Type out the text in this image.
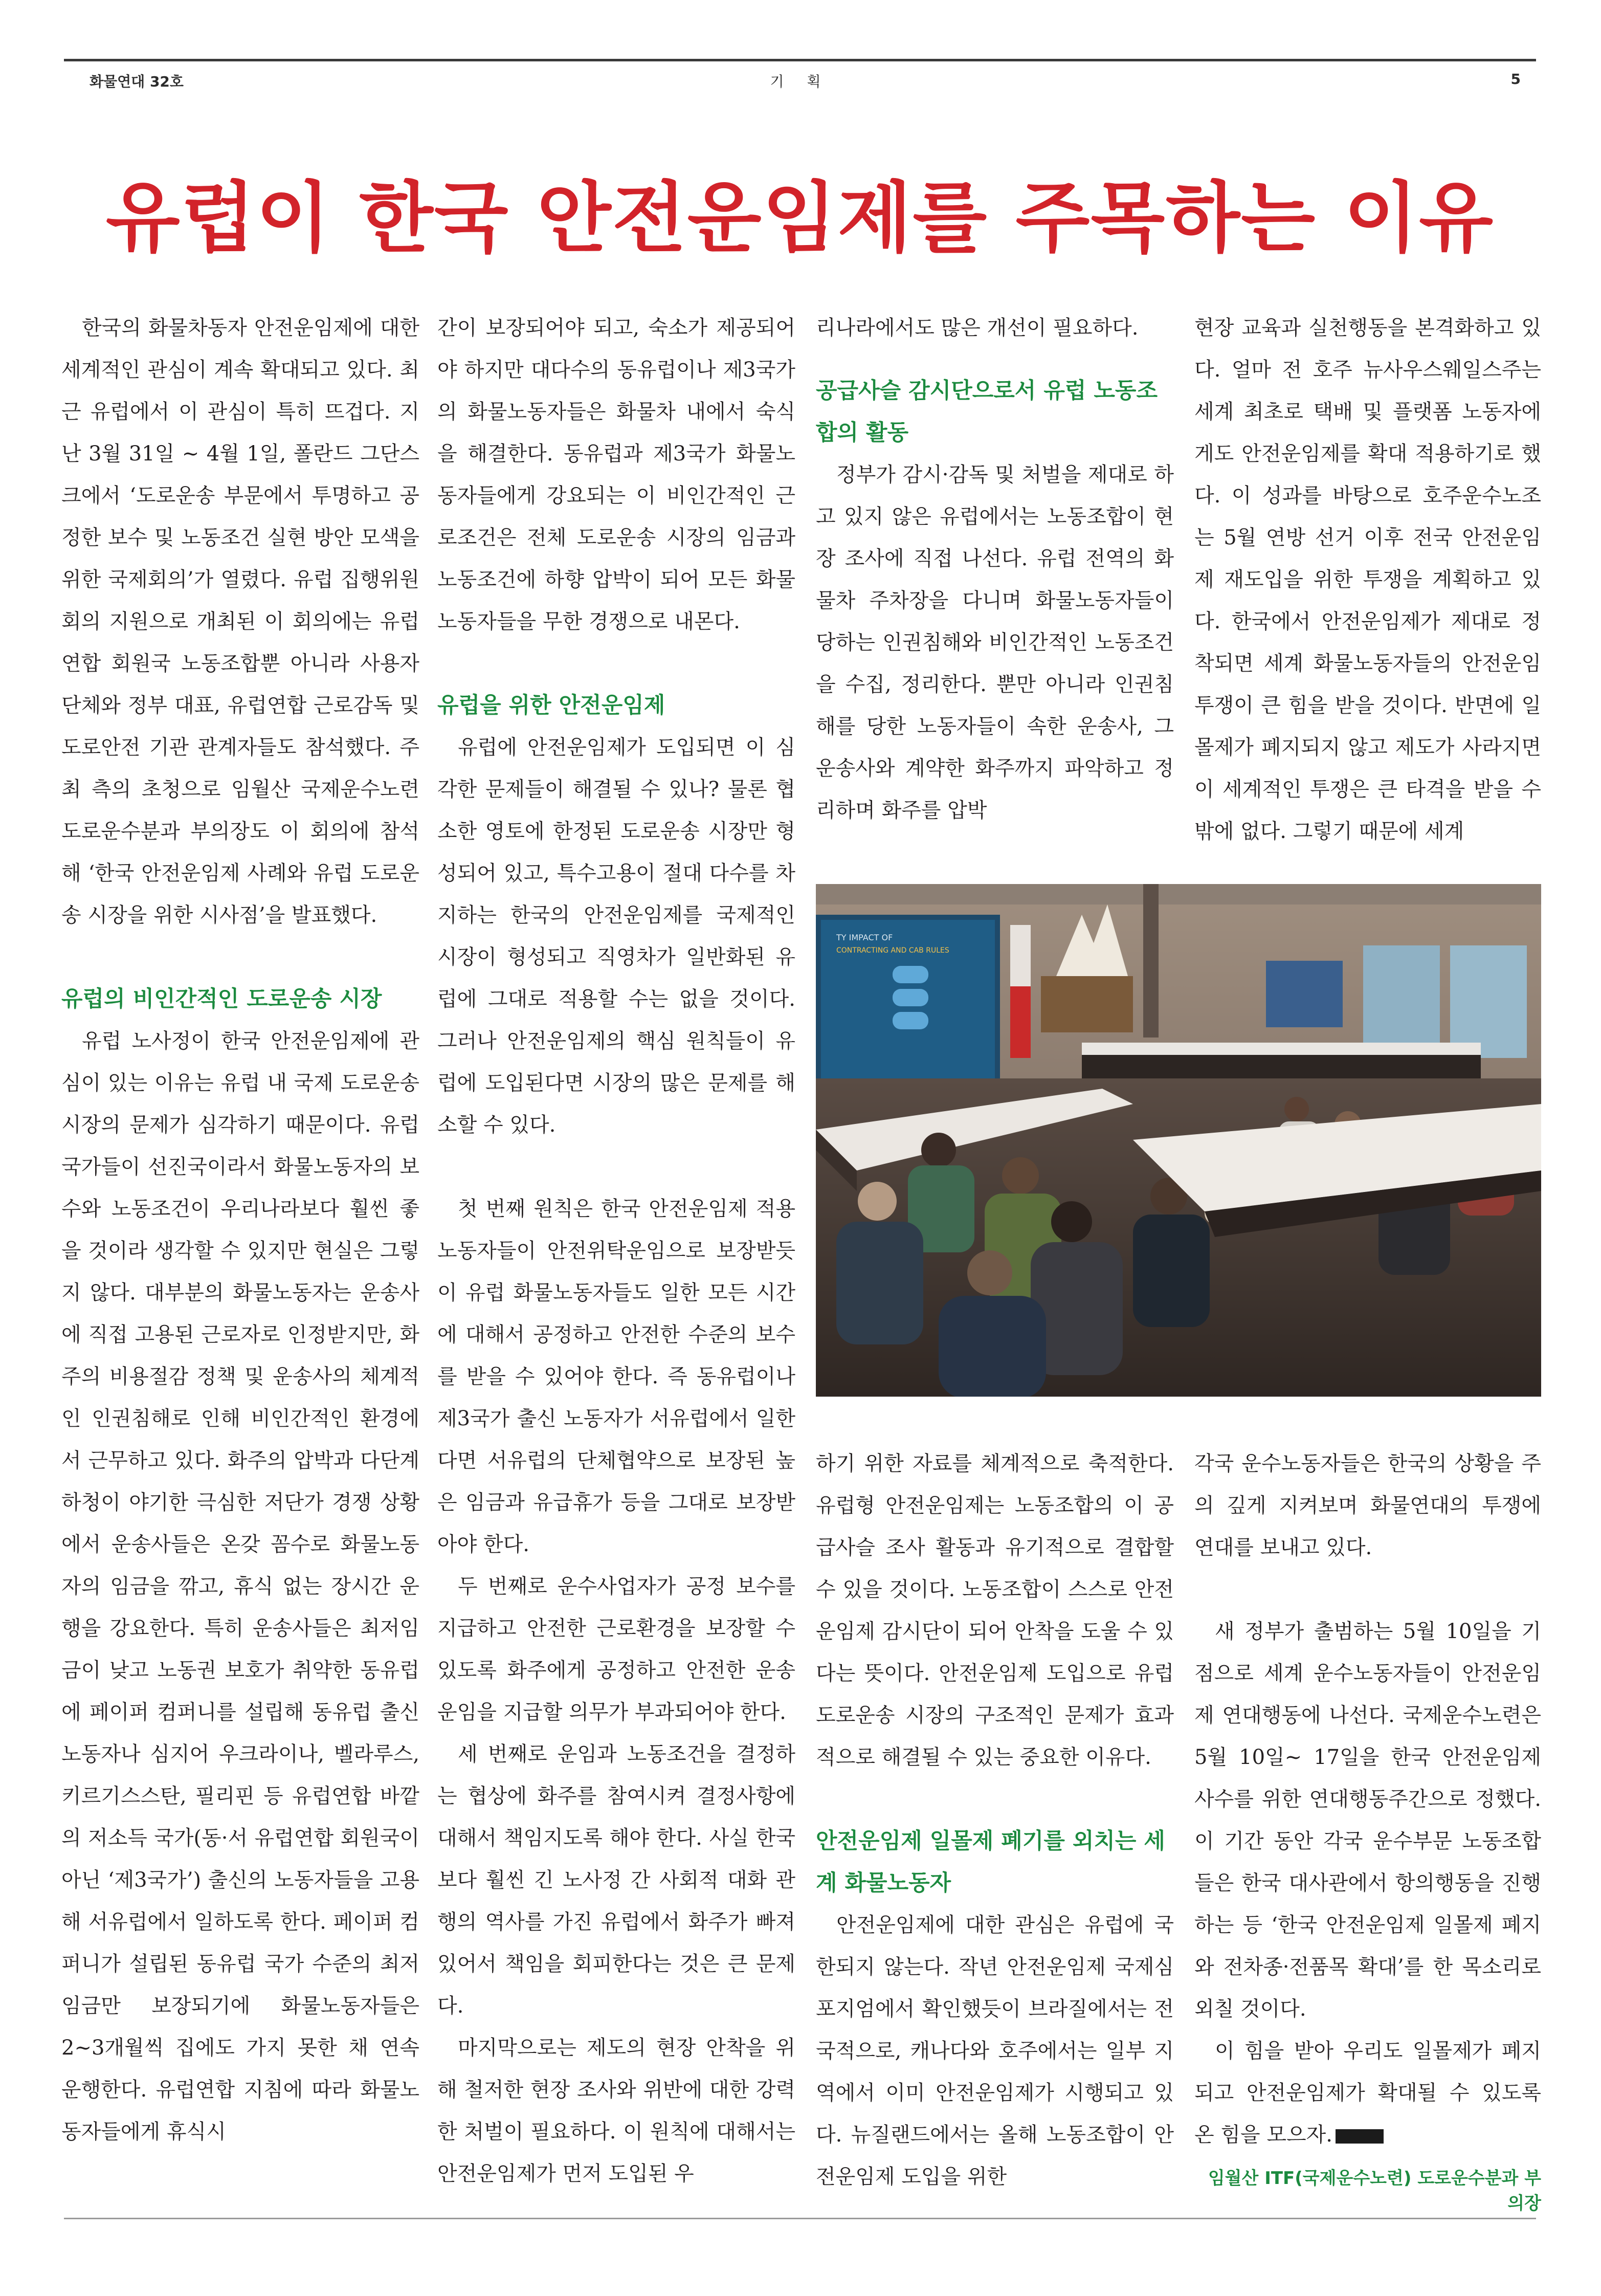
화물연대 32호	기 획	5
유럽이 한국 안전운임제를 주목하는 이유

한국의 화물차동자 안전운임제에 대한 세계적인 관심이 계속 확대되고 있다. 최근 유럽에서 이 관심이 특히 뜨겁다. 지난 3월 31일 ~ 4월 1일, 폴란드 그단스크에서 ‘도로운송 부문에서 투명하고 공정한 보수 및 노동조건 실현 방안 모색을 위한 국제회의’가 열렸다. 유럽 집행위원회의 지원으로 개최된 이 회의에는 유럽연합 회원국 노동조합뿐 아니라 사용자단체와 정부 대표, 유럽연합 근로감독 및 도로안전 기관 관계자들도 참석했다. 주최 측의 초청으로 임월산 국제운수노련 도로운수분과 부의장도 이 회의에 참석해 ‘한국 안전운임제 사례와 유럽 도로운송 시장을 위한 시사점’을 발표했다.

유럽의 비인간적인 도로운송 시장

유럽 노사정이 한국 안전운임제에 관심이 있는 이유는 유럽 내 국제 도로운송시장의 문제가 심각하기 때문이다. 유럽 국가들이 선진국이라서 화물노동자의 보수와 노동조건이 우리나라보다 훨씬 좋을 것이라 생각할 수 있지만 현실은 그렇지 않다. 대부분의 화물노동자는 운송사에 직접 고용된 근로자로 인정받지만, 화주의 비용절감 정책 및 운송사의 체계적인 인권침해로 인해 비인간적인 환경에서 근무하고 있다. 화주의 압박과 다단계 하청이 야기한 극심한 저단가 경쟁 상황에서 운송사들은 온갖 꼼수로 화물노동자의 임금을 깎고, 휴식 없는 장시간 운행을 강요한다. 특히 운송사들은 최저임금이 낮고 노동권 보호가 취약한 동유럽에 페이퍼 컴퍼니를 설립해 동유럽 출신 노동자나 심지어 우크라이나, 벨라루스, 키르기스스탄, 필리핀 등 유럽연합 바깥의 저소득 국가(동·서 유럽연합 회원국이 아닌 ‘제3국가’) 출신의 노동자들을 고용해 서유럽에서 일하도록 한다. 페이퍼 컴퍼니가 설립된 동유럽 국가 수준의 최저임금만 보장되기에 화물노동자들은 2~3개월씩 집에도 가지 못한 채 연속 운행한다. 유럽연합 지침에 따라 화물노동자들에게 휴식시

간이 보장되어야 되고, 숙소가 제공되어야 하지만 대다수의 동유럽이나 제3국가의 화물노동자들은 화물차 내에서 숙식을 해결한다. 동유럽과 제3국가 화물노동자들에게 강요되는 이 비인간적인 근로조건은 전체 도로운송 시장의 임금과 노동조건에 하향 압박이 되어 모든 화물노동자들을 무한 경쟁으로 내몬다.

유럽을 위한 안전운임제

유럽에 안전운임제가 도입되면 이 심각한 문제들이 해결될 수 있나? 물론 협소한 영토에 한정된 도로운송 시장만 형성되어 있고, 특수고용이 절대 다수를 차지하는 한국의 안전운임제를 국제적인 시장이 형성되고 직영차가 일반화된 유럽에 그대로 적용할 수는 없을 것이다. 그러나 안전운임제의 핵심 원칙들이 유럽에 도입된다면 시장의 많은 문제를 해소할 수 있다.

첫 번째 원칙은 한국 안전운임제 적용 노동자들이 안전위탁운임으로 보장받듯이 유럽 화물노동자들도 일한 모든 시간에 대해서 공정하고 안전한 수준의 보수를 받을 수 있어야 한다. 즉 동유럽이나 제3국가 출신 노동자가 서유럽에서 일한다면 서유럽의 단체협약으로 보장된 높은 임금과 유급휴가 등을 그대로 보장받아야 한다.

두 번째로 운수사업자가 공정 보수를 지급하고 안전한 근로환경을 보장할 수 있도록 화주에게 공정하고 안전한 운송운임을 지급할 의무가 부과되어야 한다.

세 번째로 운임과 노동조건을 결정하는 협상에 화주를 참여시켜 결정사항에 대해서 책임지도록 해야 한다. 사실 한국보다 훨씬 긴 노사정 간 사회적 대화 관행의 역사를 가진 유럽에서 화주가 빠져 있어서 책임을 회피한다는 것은 큰 문제다.

마지막으로는 제도의 현장 안착을 위해 철저한 현장 조사와 위반에 대한 강력한 처벌이 필요하다. 이 원칙에 대해서는 안전운임제가 먼저 도입된 우

리나라에서도 많은 개선이 필요하다.

공급사슬 감시단으로서 유럽 노동조합의 활동

정부가 감시·감독 및 처벌을 제대로 하고 있지 않은 유럽에서는 노동조합이 현장 조사에 직접 나선다. 유럽 전역의 화물차 주차장을 다니며 화물노동자들이 당하는 인권침해와 비인간적인 노동조건을 수집, 정리한다. 뿐만 아니라 인권침해를 당한 노동자들이 속한 운송사, 그 운송사와 계약한 화주까지 파악하고 정리하며 화주를 압박

현장 교육과 실천행동을 본격화하고 있다. 얼마 전 호주 뉴사우스웨일스주는 세계 최초로 택배 및 플랫폼 노동자에게도 안전운임제를 확대 적용하기로 했다. 이 성과를 바탕으로 호주운수노조는 5월 연방 선거 이후 전국 안전운임제 재도입을 위한 투쟁을 계획하고 있다. 한국에서 안전운임제가 제대로 정착되면 세계 화물노동자들의 안전운임 투쟁이 큰 힘을 받을 것이다. 반면에 일몰제가 폐지되지 않고 제도가 사라지면 이 세계적인 투쟁은 큰 타격을 받을 수밖에 없다. 그렇기 때문에 세계

TY IMPACT OF
CONTRACTING AND CAB RULES

하기 위한 자료를 체계적으로 축적한다. 유럽형 안전운임제는 노동조합의 이 공급사슬 조사 활동과 유기적으로 결합할 수 있을 것이다. 노동조합이 스스로 안전운임제 감시단이 되어 안착을 도울 수 있다는 뜻이다. 안전운임제 도입으로 유럽 도로운송 시장의 구조적인 문제가 효과적으로 해결될 수 있는 중요한 이유다.

안전운임제 일몰제 폐기를 외치는 세계 화물노동자

안전운임제에 대한 관심은 유럽에 국한되지 않는다. 작년 안전운임제 국제심포지엄에서 확인했듯이 브라질에서는 전국적으로, 캐나다와 호주에서는 일부 지역에서 이미 안전운임제가 시행되고 있다. 뉴질랜드에서는 올해 노동조합이 안전운임제 도입을 위한

각국 운수노동자들은 한국의 상황을 주의 깊게 지켜보며 화물연대의 투쟁에 연대를 보내고 있다.

새 정부가 출범하는 5월 10일을 기점으로 세계 운수노동자들이 안전운임제 연대행동에 나선다. 국제운수노련은 5월 10일~ 17일을 한국 안전운임제 사수를 위한 연대행동주간으로 정했다. 이 기간 동안 각국 운수부문 노동조합들은 한국 대사관에서 항의행동을 진행하는 등 ‘한국 안전운임제 일몰제 폐지와 전차종·전품목 확대’를 한 목소리로 외칠 것이다.

이 힘을 받아 우리도 일몰제가 폐지되고 안전운임제가 확대될 수 있도록 온 힘을 모으자.

임월산 ITF(국제운수노련) 도로운수분과 부의장
